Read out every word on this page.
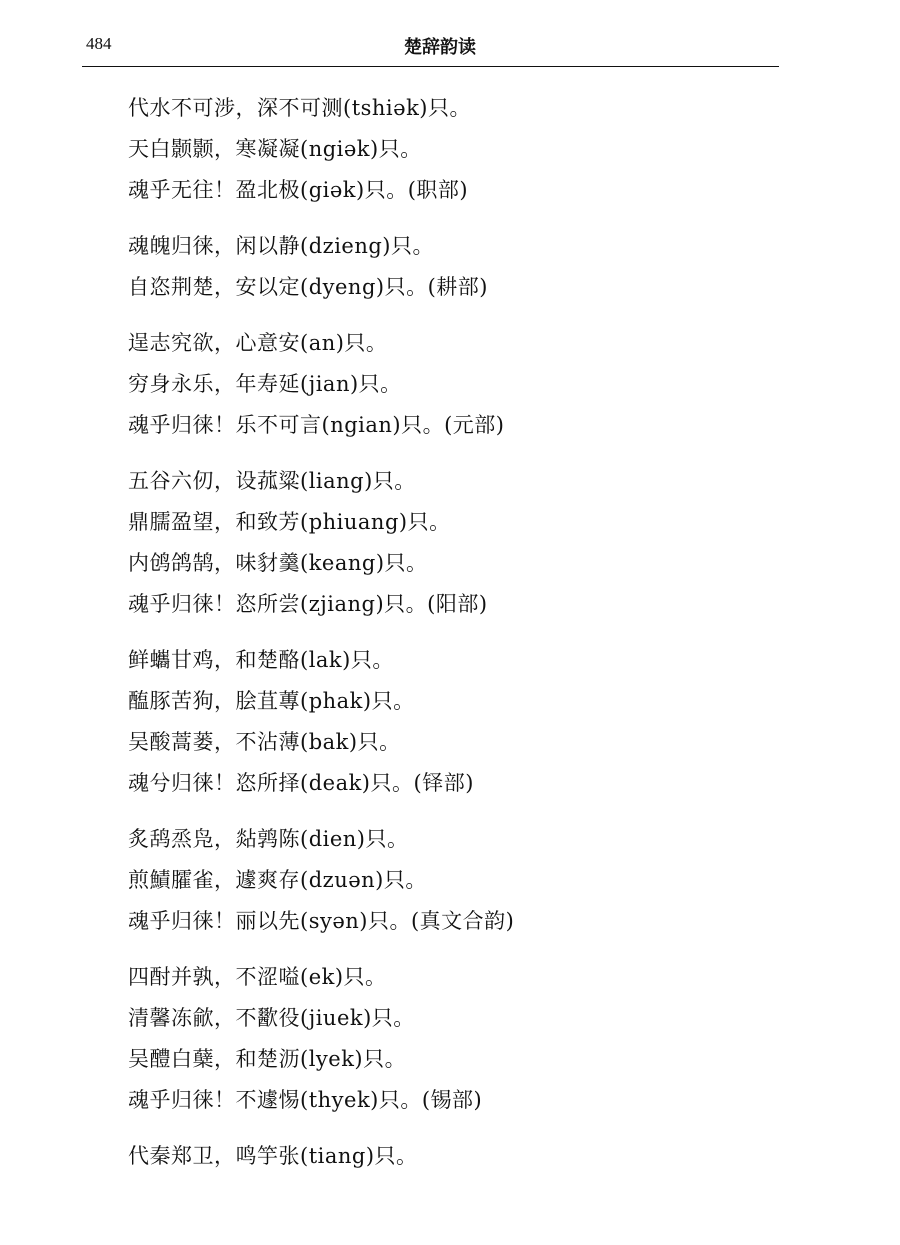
484	楚辞韵读
代水不可涉，深不可测(tshiək)只。
天白颢颢，寒凝凝(ngiək)只。
魂乎无往！盈北极(giək)只。(职部)
魂魄归徕，闲以静(dzieng)只。
自恣荆楚，安以定(dyeng)只。(耕部)
逞志究欲，心意安(an)只。
穷身永乐，年寿延(jian)只。
魂乎归徕！乐不可言(ngian)只。(元部)
五谷六仞，设菰粱(liang)只。
鼎臑盈望，和致芳(phiuang)只。
内鸧鸽鹄，味豺羹(keang)只。
魂乎归徕！恣所尝(zjiang)只。(阳部)
鲜蠵甘鸡，和楚酪(lak)只。
醢豚苦狗，脍苴蓴(phak)只。
吴酸蒿蒌，不沾薄(bak)只。
魂兮归徕！恣所择(deak)只。(铎部)
炙鸹烝凫，煔鹑陈(dien)只。
煎鰿臛雀，遽爽存(dzuən)只。
魂乎归徕！丽以先(syən)只。(真文合韵)
四酎并孰，不涩嗌(ek)只。
清馨冻歈，不歠役(jiuek)只。
吴醴白蘖，和楚沥(lyek)只。
魂乎归徕！不遽惕(thyek)只。(锡部)
代秦郑卫，鸣竽张(tiang)只。
